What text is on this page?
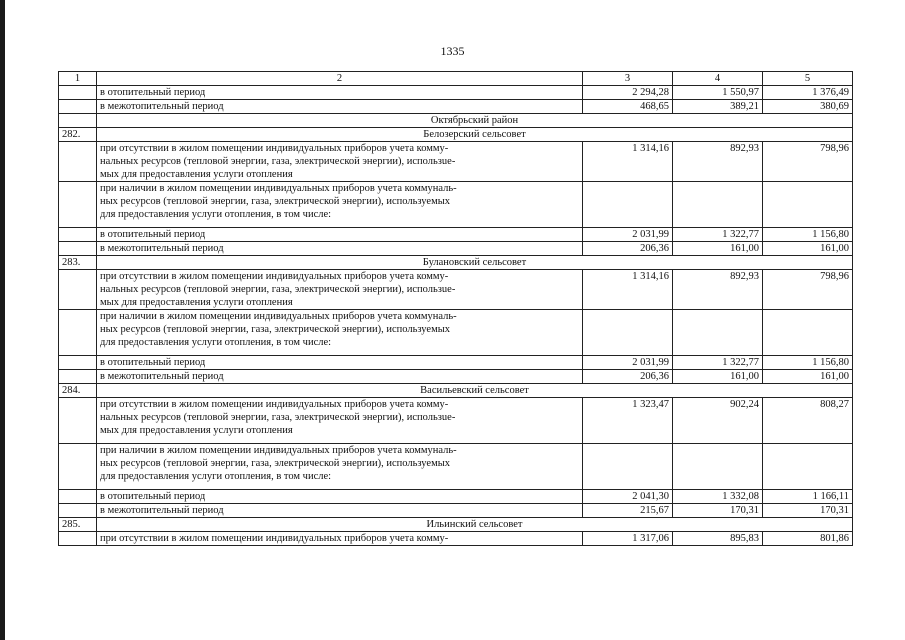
1335
1	2	3	4	5
	в отопительный период	2 294,28	1 550,97	1 376,49
	в межотопительный период	468,65	389,21	380,69
	Октябрьский район			
282.	Белозерский сельсовет			

	при отсутствии в жилом помещении индивидуальных приборов учета комму-
нальных ресурсов (тепловой энергии, газа, электрической энергии), использue-
мых для предоставления услуги отопления	1 314,16	892,93	798,96

	при наличии в жилом помещении индивидуальных приборов учета коммуналь-
ных ресурсов (тепловой энергии, газа, электрической энергии), используемых
для предоставления услуги отопления, в том числе:			

	в отопительный период	2 031,99	1 322,77	1 156,80
	в межотопительный период	206,36	161,00	161,00
283.	Булановский сельсовет			

	при отсутствии в жилом помещении индивидуальных приборов учета комму-
нальных ресурсов (тепловой энергии, газа, электрической энергии), использue-
мых для предоставления услуги отопления	1 314,16	892,93	798,96

	при наличии в жилом помещении индивидуальных приборов учета коммуналь-
ных ресурсов (тепловой энергии, газа, электрической энергии), используемых
для предоставления услуги отопления, в том числе:			

	в отопительный период	2 031,99	1 322,77	1 156,80
	в межотопительный период	206,36	161,00	161,00
284.	Васильевский сельсовет			

	при отсутствии в жилом помещении индивидуальных приборов учета комму-
нальных ресурсов (тепловой энергии, газа, электрической энергии), использue-
мых для предоставления услуги отопления	1 323,47	902,24	808,27

	при наличии в жилом помещении индивидуальных приборов учета коммуналь-
ных ресурсов (тепловой энергии, газа, электрической энергии), используемых
для предоставления услуги отопления, в том числе:			

	в отопительный период	2 041,30	1 332,08	1 166,11
	в межотопительный период	215,67	170,31	170,31
285.	Ильинский сельсовет			
	при отсутствии в жилом помещении индивидуальных приборов учета комму-	1 317,06	895,83	801,86
